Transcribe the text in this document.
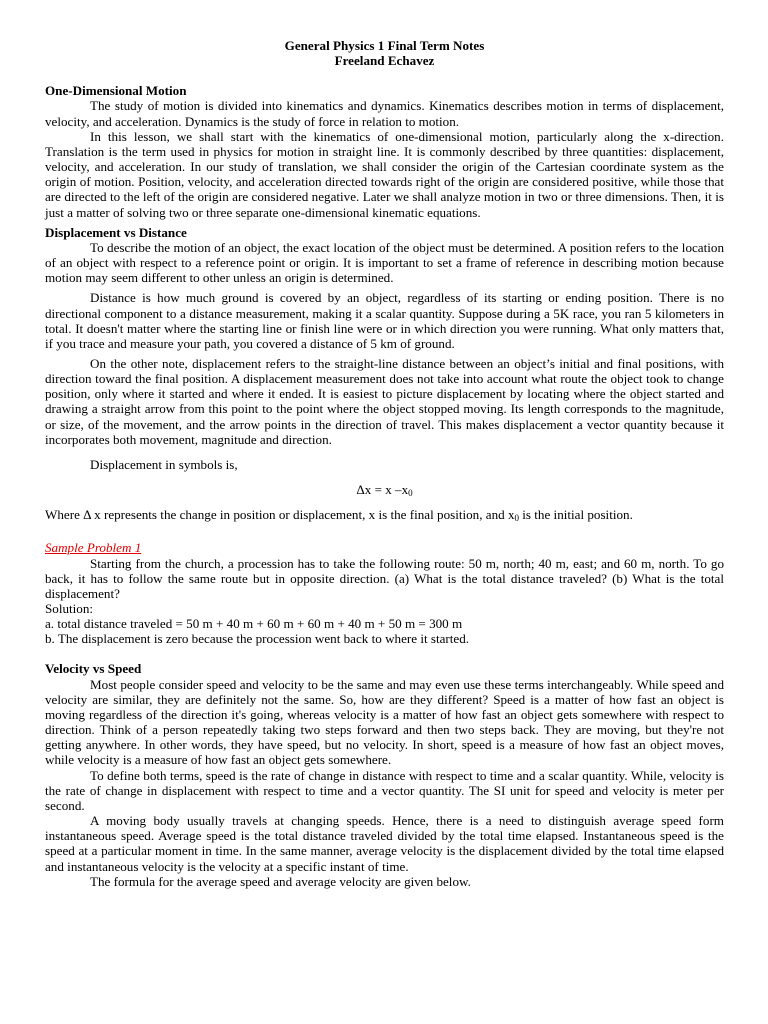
General Physics 1 Final Term Notes
Freeland Echavez
One-Dimensional Motion

The study of motion is divided into kinematics and dynamics. Kinematics describes motion in terms of displacement, velocity, and acceleration. Dynamics is the study of force in relation to motion.

In this lesson, we shall start with the kinematics of one-dimensional motion, particularly along the x-direction. Translation is the term used in physics for motion in straight line. It is commonly described by three quantities: displacement, velocity, and acceleration. In our study of translation, we shall consider the origin of the Cartesian coordinate system as the origin of motion. Position, velocity, and acceleration directed towards right of the origin are considered positive, while those that are directed to the left of the origin are considered negative. Later we shall analyze motion in two or three dimensions. Then, it is just a matter of solving two or three separate one-dimensional kinematic equations.

Displacement vs Distance

To describe the motion of an object, the exact location of the object must be determined. A position refers to the location of an object with respect to a reference point or origin. It is important to set a frame of reference in describing motion because motion may seem different to other unless an origin is determined.

Distance is how much ground is covered by an object, regardless of its starting or ending position. There is no directional component to a distance measurement, making it a scalar quantity. Suppose during a 5K race, you ran 5 kilometers in total. It doesn't matter where the starting line or finish line were or in which direction you were running. What only matters that, if you trace and measure your path, you covered a distance of 5 km of ground.

On the other note, displacement refers to the straight-line distance between an object’s initial and final positions, with direction toward the final position. A displacement measurement does not take into account what route the object took to change position, only where it started and where it ended. It is easiest to picture displacement by locating where the object started and drawing a straight arrow from this point to the point where the object stopped moving. Its length corresponds to the magnitude, or size, of the movement, and the arrow points in the direction of travel. This makes displacement a vector quantity because it incorporates both movement, magnitude and direction.

Displacement in symbols is,

Δx = x $-x_0$

Where Δ x represents the change in position or displacement, x is the final position, and $x_0$ is the initial position.

Sample Problem 1

Starting from the church, a procession has to take the following route: 50 m, north; 40 m, east; and 60 m, north. To go back, it has to follow the same route but in opposite direction. (a) What is the total distance traveled? (b) What is the total displacement?

Solution:
a. total distance traveled = 50 m + 40 m + 60 m + 60 m + 40 m + 50 m = 300 m
b. The displacement is zero because the procession went back to where it started.
Velocity vs Speed

Most people consider speed and velocity to be the same and may even use these terms interchangeably. While speed and velocity are similar, they are definitely not the same. So, how are they different? Speed is a matter of how fast an object is moving regardless of the direction it's going, whereas velocity is a matter of how fast an object gets somewhere with respect to direction. Think of a person repeatedly taking two steps forward and then two steps back. They are moving, but they're not getting anywhere. In other words, they have speed, but no velocity. In short, speed is a measure of how fast an object moves, while velocity is a measure of how fast an object gets somewhere.

To define both terms, speed is the rate of change in distance with respect to time and a scalar quantity. While, velocity is the rate of change in displacement with respect to time and a vector quantity. The SI unit for speed and velocity is meter per second.

A moving body usually travels at changing speeds. Hence, there is a need to distinguish average speed form instantaneous speed. Average speed is the total distance traveled divided by the total time elapsed. Instantaneous speed is the speed at a particular moment in time. In the same manner, average velocity is the displacement divided by the total time elapsed and instantaneous velocity is the velocity at a specific instant of time.

The formula for the average speed and average velocity are given below.
